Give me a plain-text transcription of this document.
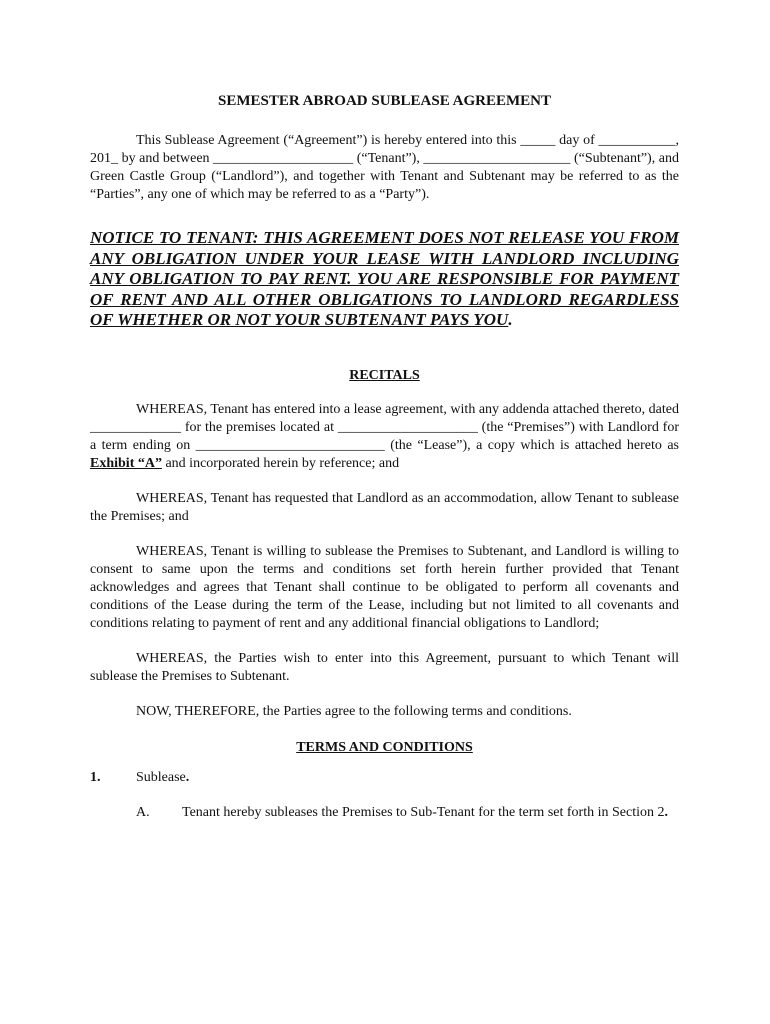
SEMESTER ABROAD SUBLEASE AGREEMENT

This Sublease Agreement (“Agreement”) is hereby entered into this _____ day of ___________, 201_ by and between ____________________ (“Tenant”), _____________________ (“Subtenant”), and Green Castle Group (“Landlord”), and together with Tenant and Subtenant may be referred to as the “Parties”, any one of which may be referred to as a “Party”).

NOTICE TO TENANT: THIS AGREEMENT DOES NOT RELEASE YOU FROM ANY OBLIGATION UNDER YOUR LEASE WITH LANDLORD INCLUDING ANY OBLIGATION TO PAY RENT. YOU ARE RESPONSIBLE FOR PAYMENT OF RENT AND ALL OTHER OBLIGATIONS TO LANDLORD REGARDLESS OF WHETHER OR NOT YOUR SUBTENANT PAYS YOU.

RECITALS

WHEREAS, Tenant has entered into a lease agreement, with any addenda attached thereto, dated _____________ for the premises located at ____________________ (the “Premises”) with Landlord for a term ending on ___________________________ (the “Lease”), a copy which is attached hereto as Exhibit “A” and incorporated herein by reference; and

WHEREAS, Tenant has requested that Landlord as an accommodation, allow Tenant to sublease the Premises; and

WHEREAS, Tenant is willing to sublease the Premises to Subtenant, and Landlord is willing to consent to same upon the terms and conditions set forth herein further provided that Tenant acknowledges and agrees that Tenant shall continue to be obligated to perform all covenants and conditions of the Lease during the term of the Lease, including but not limited to all covenants and conditions relating to payment of rent and any additional financial obligations to Landlord;

WHEREAS, the Parties wish to enter into this Agreement, pursuant to which Tenant will sublease the Premises to Subtenant.

NOW, THEREFORE, the Parties agree to the following terms and conditions.

TERMS AND CONDITIONS

1.	Sublease.

A. Tenant hereby subleases the Premises to Sub-Tenant for the term set forth in Section 2.
